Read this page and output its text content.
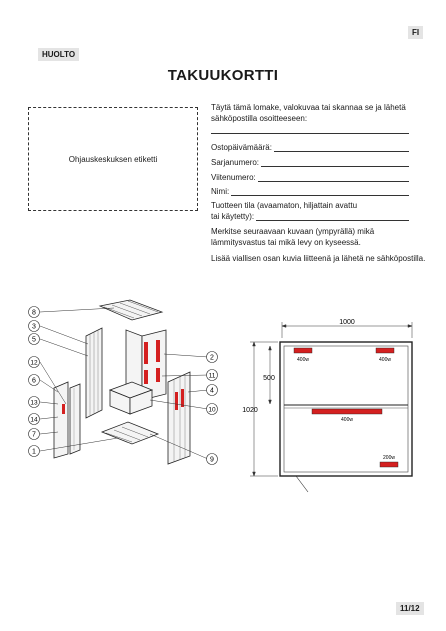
HUOLTO
FI
TAKUUKORTTI
Ohjauskeskuksen etiketti
Täytä tämä lomake, valokuvaa tai skannaa se ja lähetä sähköpostilla osoitteeseen:
Ostopäivämäärä:
Sarjanumero:
Viitenumero:
Nimi:
Tuotteen tila (avaamaton, hiljattain avattu
tai käytetty):
Merkitse seuraavaan kuvaan (ympyrällä) mikä lämmitysvastus tai mikä levy on kyseessä.
Lisää viallisen osan kuvia liitteenä ja lähetä ne sähköpostilla.
8
3
5
12
6
13
14
7
1
2
11
4
10
9
1000
1020
500
400w	400w
400w
200w
11/12
